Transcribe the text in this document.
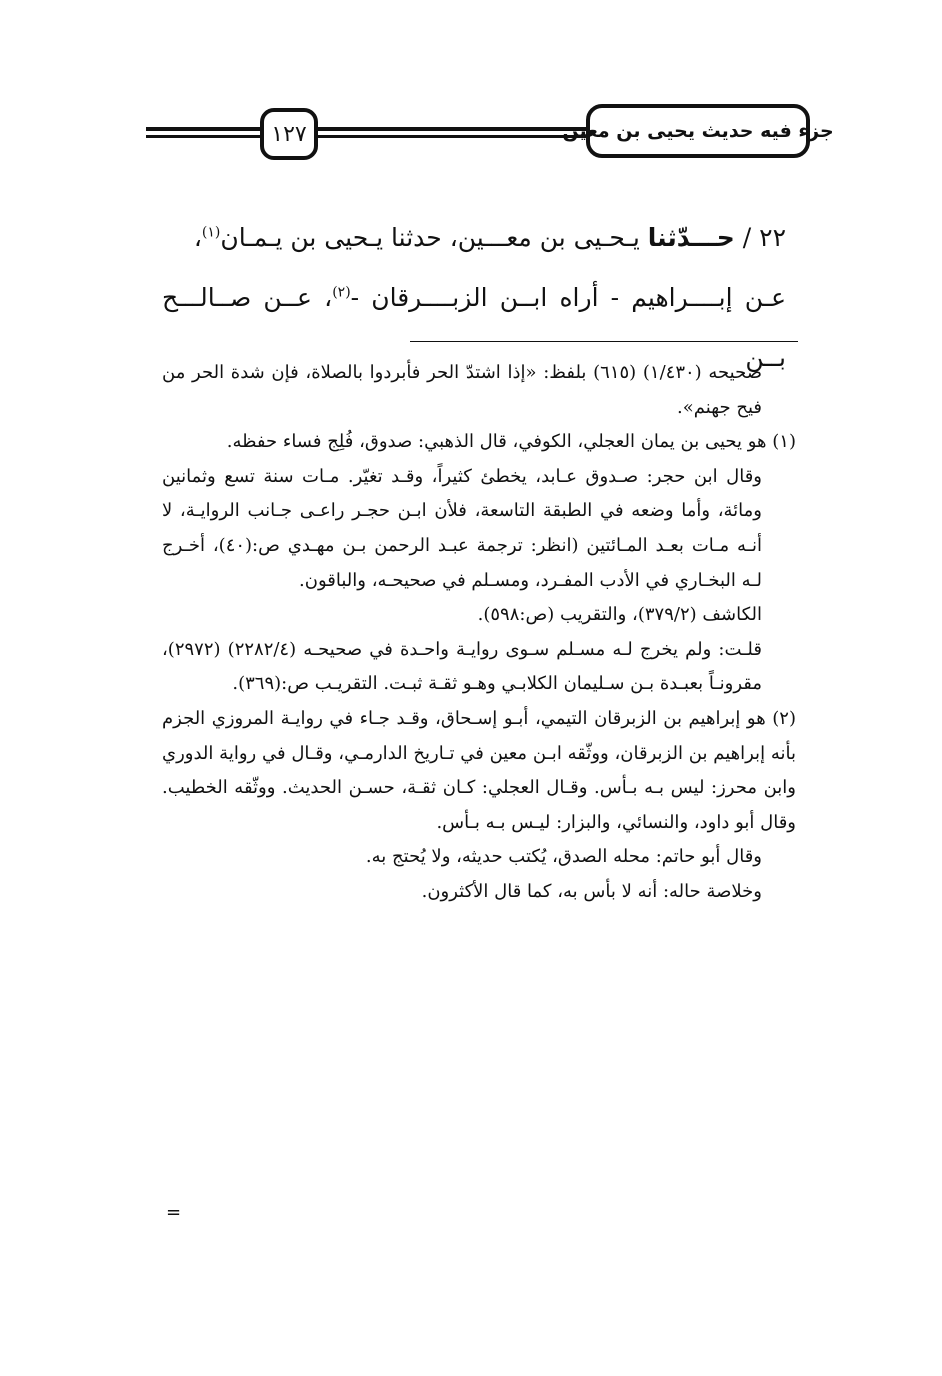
١٢٧	جزء فيه حديث يحيى بن معين

٢٢ / حـــدّثنا يـحـيى بن معـــين، حدثنا يـحيى بن يـمـان$^{(١)}$،

عـن إبــــراهيم - أراه ابــن الزبــــرقان -$^{(٢)}$، عــن صــالـــح بــن

صحيحه (١/٤٣٠) (٦١٥) بلفظ: «إذا اشتدّ الحر فأبردوا بالصلاة، فإن شدة الحر من فيح جهنم».

(١) هو يحيى بن يمان العجلي، الكوفي، قال الذهبي: صدوق، فُلِج فساء حفظه.

وقال ابن حجر: صـدوق عـابد، يخطئ كثيراً، وقـد تغيّر. مـات سنة تسع وثمانين ومائة، وأما وضعه في الطبقة التاسعة، فلأن ابـن حجـر راعـى جـانب الروايـة، لا أنـه مـات بعـد المـائتين (انظر: ترجمة عبـد الرحمن بـن مهـدي ص:(٤٠)، أخـرج لـه البخـاري في الأدب المفـرد، ومسـلم في صحيحـه، والباقون.

الكاشف (٣٧٩/٢)، والتقريب (ص:٥٩٨).

قلـت: ولم يخرج لـه مسـلم سـوى روايـة واحـدة في صحيحـه (٢٢٨٢/٤) (٢٩٧٢)، مقرونـاً بعبـدة بـن سـليمان الكلابـي وهـو ثقـة ثبـت. التقريـب ص:(٣٦٩).

(٢) هو إبراهيم بن الزبرقان التيمي، أبـو إسـحاق، وقـد جـاء في روايـة المروزي الجزم بأنه إبراهيم بن الزبرقان، ووثّقه ابـن معين في تـاريخ الدارمـي، وقـال في رواية الدوري وابن محرز: ليس بـه بـأس. وقـال العجلي: كـان ثقـة، حسـن الحديث. ووثّقه الخطيب. وقال أبو داود، والنسائي، والبزار: ليـس بـه بـأس.

وقال أبو حاتم: محله الصدق، يُكتب حديثه، ولا يُحتج به.

وخلاصة حاله: أنه لا بأس به، كما قال الأكثرون.

=
